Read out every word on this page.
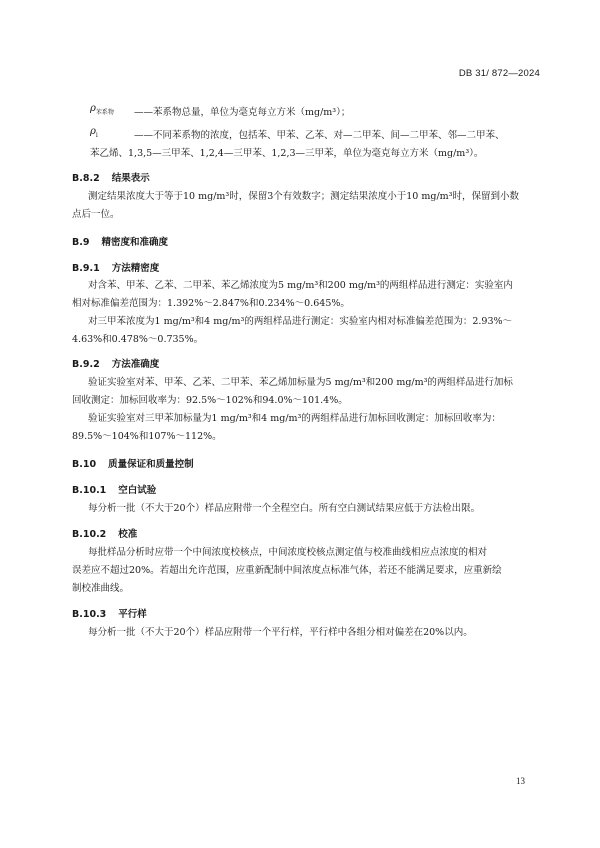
DB 31/ 872—2024
$\rho_{苯系物}$ ——苯系物总量，单位为毫克每立方米（mg/m³）；
$\rho_i$	——不同苯系物的浓度，包括苯、甲苯、乙苯、对—二甲苯、间—二甲苯、邻—二甲苯、
苯乙烯、1,3,5—三甲苯、1,2,4—三甲苯、1,2,3—三甲苯，单位为毫克每立方米（mg/m³）。
B.8.2 结果表示
测定结果浓度大于等于10 mg/m³时，保留3个有效数字；测定结果浓度小于10 mg/m³时，保留到小数
点后一位。
B.9 精密度和准确度
B.9.1 方法精密度
对含苯、甲苯、乙苯、二甲苯、苯乙烯浓度为5 mg/m³和200 mg/m³的两组样品进行测定：实验室内
相对标准偏差范围为：1.392%～2.847%和0.234%～0.645%。
对三甲苯浓度为1 mg/m³和4 mg/m³的两组样品进行测定：实验室内相对标准偏差范围为：2.93%～
4.63%和0.478%～0.735%。
B.9.2 方法准确度
验证实验室对苯、甲苯、乙苯、二甲苯、苯乙烯加标量为5 mg/m³和200 mg/m³的两组样品进行加标
回收测定：加标回收率为：92.5%～102%和94.0%～101.4%。
验证实验室对三甲苯加标量为1 mg/m³和4 mg/m³的两组样品进行加标回收测定：加标回收率为：
89.5%～104%和107%～112%。
B.10 质量保证和质量控制
B.10.1 空白试验
每分析一批（不大于20个）样品应附带一个全程空白。所有空白测试结果应低于方法检出限。
B.10.2 校准
每批样品分析时应带一个中间浓度校核点，中间浓度校核点测定值与校准曲线相应点浓度的相对
误差应不超过20%。若超出允许范围，应重新配制中间浓度点标准气体，若还不能满足要求，应重新绘
制校准曲线。
B.10.3 平行样
每分析一批（不大于20个）样品应附带一个平行样，平行样中各组分相对偏差在20%以内。
13
